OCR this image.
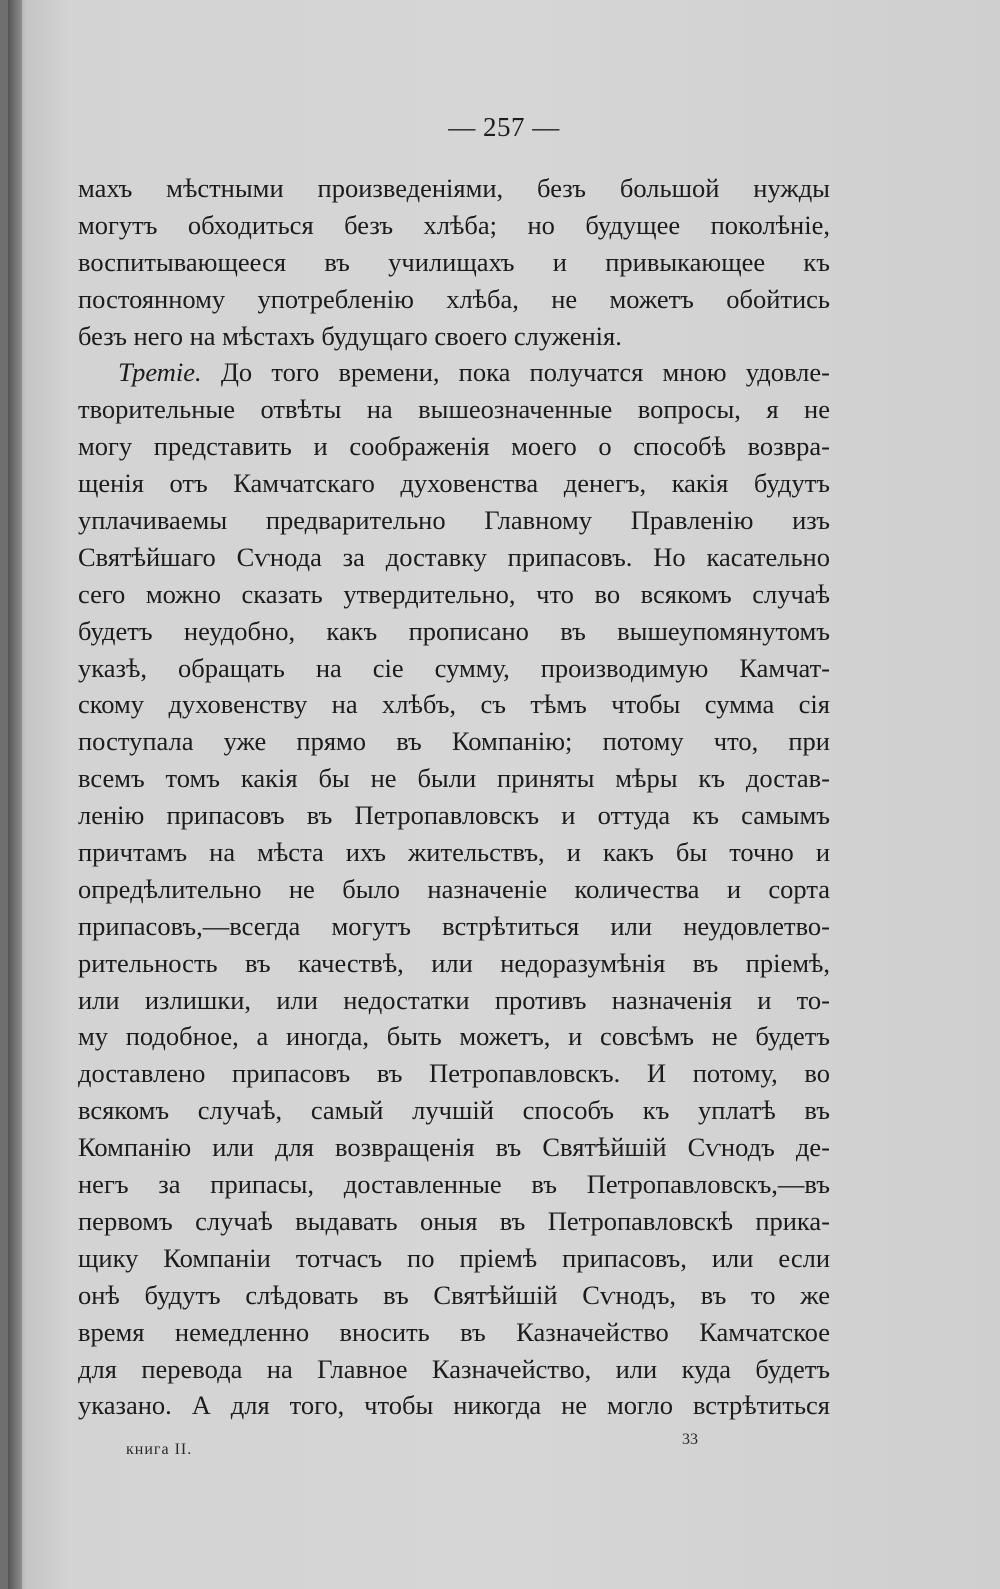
— 257 —
махъ мѣстными произведеніями, безъ большой нужды
могутъ обходиться безъ хлѣба; но будущее поколѣніе,
воспитывающееся въ училищахъ и привыкающее къ
постоянному употребленію хлѣба, не можетъ обойтись
безъ него на мѣстахъ будущаго своего служенія.
Третіе. До того времени, пока получатся мною удовле-
творительные отвѣты на вышеозначенные вопросы, я не
могу представить и соображенія моего о способѣ возвра-
щенія отъ Камчатскаго духовенства денегъ, какія будутъ
уплачиваемы предварительно Главному Правленію изъ
Святѣйшаго Сѵнода за доставку припасовъ. Но касательно
сего можно сказать утвердительно, что во всякомъ случаѣ
будетъ неудобно, какъ прописано въ вышеупомянутомъ
указѣ, обращать на сіе сумму, производимую Камчат-
скому духовенству на хлѣбъ, съ тѣмъ чтобы сумма сія
поступала уже прямо въ Компанію; потому что, при
всемъ томъ какія бы не были приняты мѣры къ достав-
ленію припасовъ въ Петропавловскъ и оттуда къ самымъ
причтамъ на мѣста ихъ жительствъ, и какъ бы точно и
опредѣлительно не было назначеніе количества и сорта
припасовъ,—всегда могутъ встрѣтиться или неудовлетво-
рительность въ качествѣ, или недоразумѣнія въ пріемѣ,
или излишки, или недостатки противъ назначенія и то-
му подобное, а иногда, быть можетъ, и совсѣмъ не будетъ
доставлено припасовъ въ Петропавловскъ. И потому, во
всякомъ случаѣ, самый лучшій способъ къ уплатѣ въ
Компанію или для возвращенія въ Святѣйшій Сѵнодъ де-
негъ за припасы, доставленные въ Петропавловскъ,—въ
первомъ случаѣ выдавать оныя въ Петропавловскѣ прика-
щику Компаніи тотчасъ по пріемѣ припасовъ, или если
онѣ будутъ слѣдовать въ Святѣйшій Сѵнодъ, въ то же
время немедленно вносить въ Казначейство Камчатское
для перевода на Главное Казначейство, или куда будетъ
указано. А для того, чтобы никогда не могло встрѣтиться
книга II.
33
